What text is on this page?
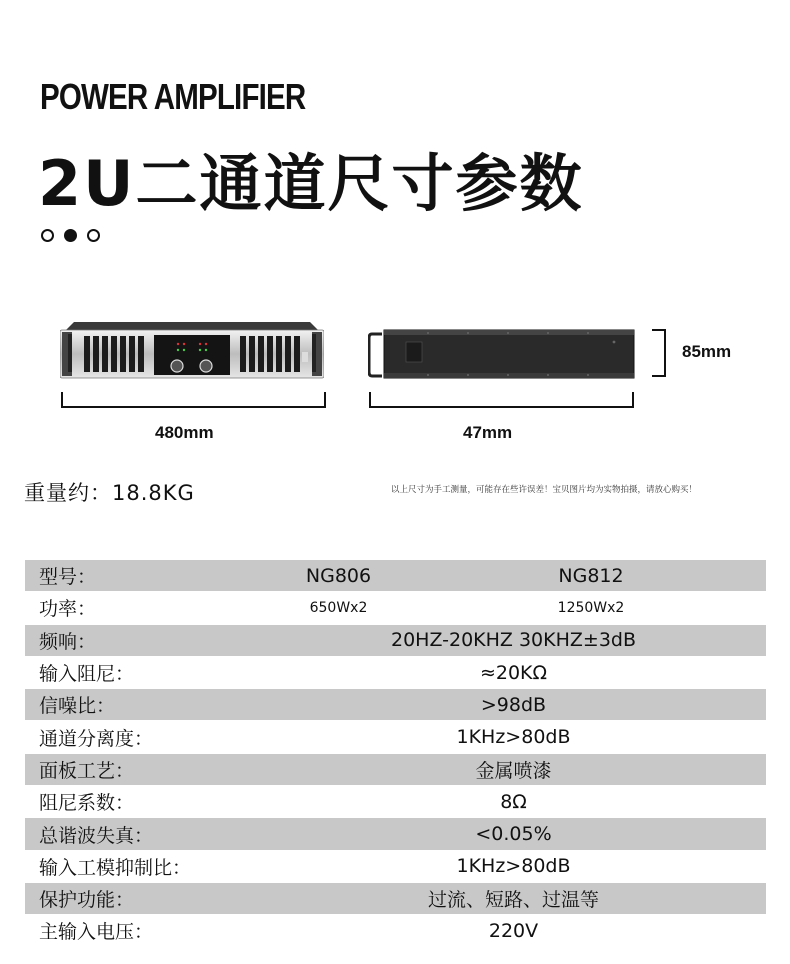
POWER AMPLIFIER
2U二通道尺寸参数
480mm	47mm
85mm
重量约：18.8KG	以上尺寸为手工测量，可能存在些许误差！宝贝图片均为实物拍摄，请放心购买！
型号：	NG806	NG812
功率：	650Wx2	1250Wx2
频响：	20HZ-20KHZ 30KHZ±3dB	
输入阻尼：	≈20KΩ	
信噪比：	>98dB	
通道分离度：	1KHz>80dB	
面板工艺：	金属喷漆	
阻尼系数：	8Ω	
总谐波失真：	<0.05%	
输入工模抑制比：	1KHz>80dB	
保护功能：	过流、短路、过温等	
主输入电压：	220V	
